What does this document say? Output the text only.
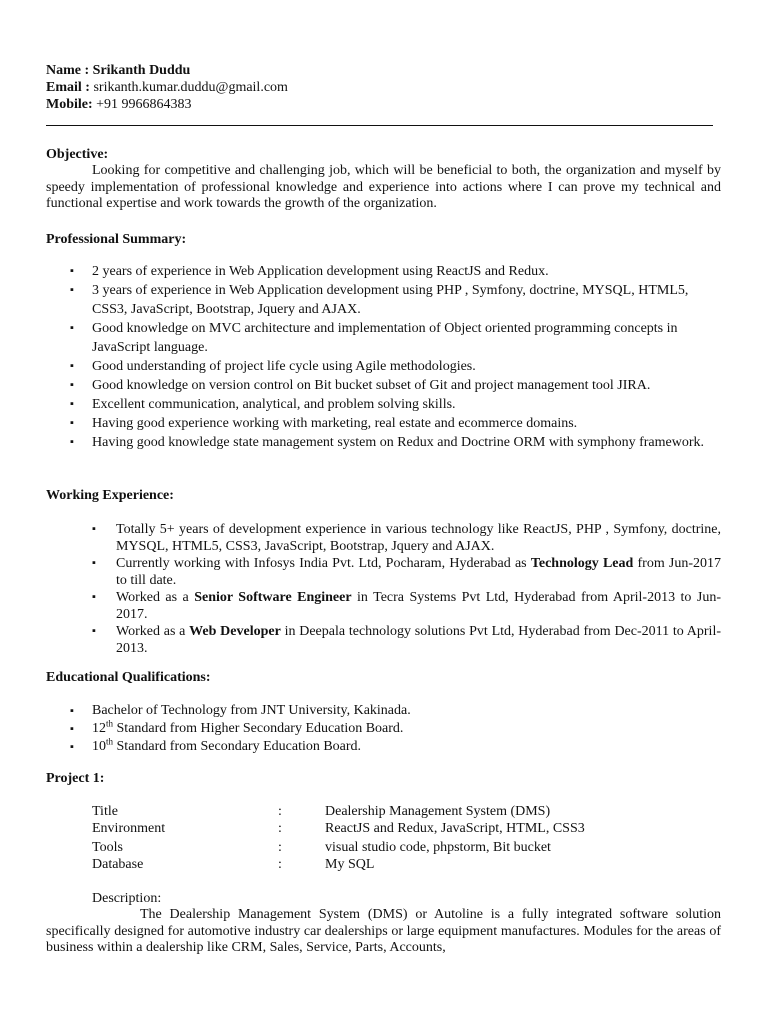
Name : Srikanth Duddu
Email : srikanth.kumar.duddu@gmail.com
Mobile: +91 9966864383
Objective:
Looking for competitive and challenging job, which will be beneficial to both, the organization and myself by speedy implementation of professional knowledge and experience into actions where I can prove my technical and functional expertise and work towards the growth of the organization.
Professional Summary:
▪ 2 years of experience in Web Application development using ReactJS and Redux.
▪ 3 years of experience in Web Application development using PHP , Symfony, doctrine, MYSQL, HTML5, CSS3, JavaScript, Bootstrap, Jquery and AJAX.
▪ Good knowledge on MVC architecture and implementation of Object oriented programming concepts in JavaScript language.
▪ Good understanding of project life cycle using Agile methodologies.
▪ Good knowledge on version control on Bit bucket subset of Git and project management tool JIRA.
▪ Excellent communication, analytical, and problem solving skills.
▪ Having good experience working with marketing, real estate and ecommerce domains.
▪ Having good knowledge state management system on Redux and Doctrine ORM with symphony framework.
Working Experience:
▪ Totally 5+ years of development experience in various technology like ReactJS, PHP , Symfony, doctrine, MYSQL, HTML5, CSS3, JavaScript, Bootstrap, Jquery and AJAX.
▪ Currently working with Infosys India Pvt. Ltd, Pocharam, Hyderabad as Technology Lead from Jun-2017 to till date.
▪ Worked as a Senior Software Engineer in Tecra Systems Pvt Ltd, Hyderabad from April-2013 to Jun-2017.
▪ Worked as a Web Developer in Deepala technology solutions Pvt Ltd, Hyderabad from Dec-2011 to April-2013.
Educational Qualifications:
▪ Bachelor of Technology from JNT University, Kakinada.
▪ 12th Standard from Higher Secondary Education Board.
▪ 10th Standard from Secondary Education Board.
Project 1:
Title	:	Dealership Management System (DMS)
Environment	:	ReactJS and Redux, JavaScript, HTML, CSS3
Tools	:	visual studio code, phpstorm, Bit bucket
Database	:	My SQL
Description:
The Dealership Management System (DMS) or Autoline is a fully integrated software solution specifically designed for automotive industry car dealerships or large equipment manufactures. Modules for the areas of business within a dealership like CRM, Sales, Service, Parts, Accounts,
